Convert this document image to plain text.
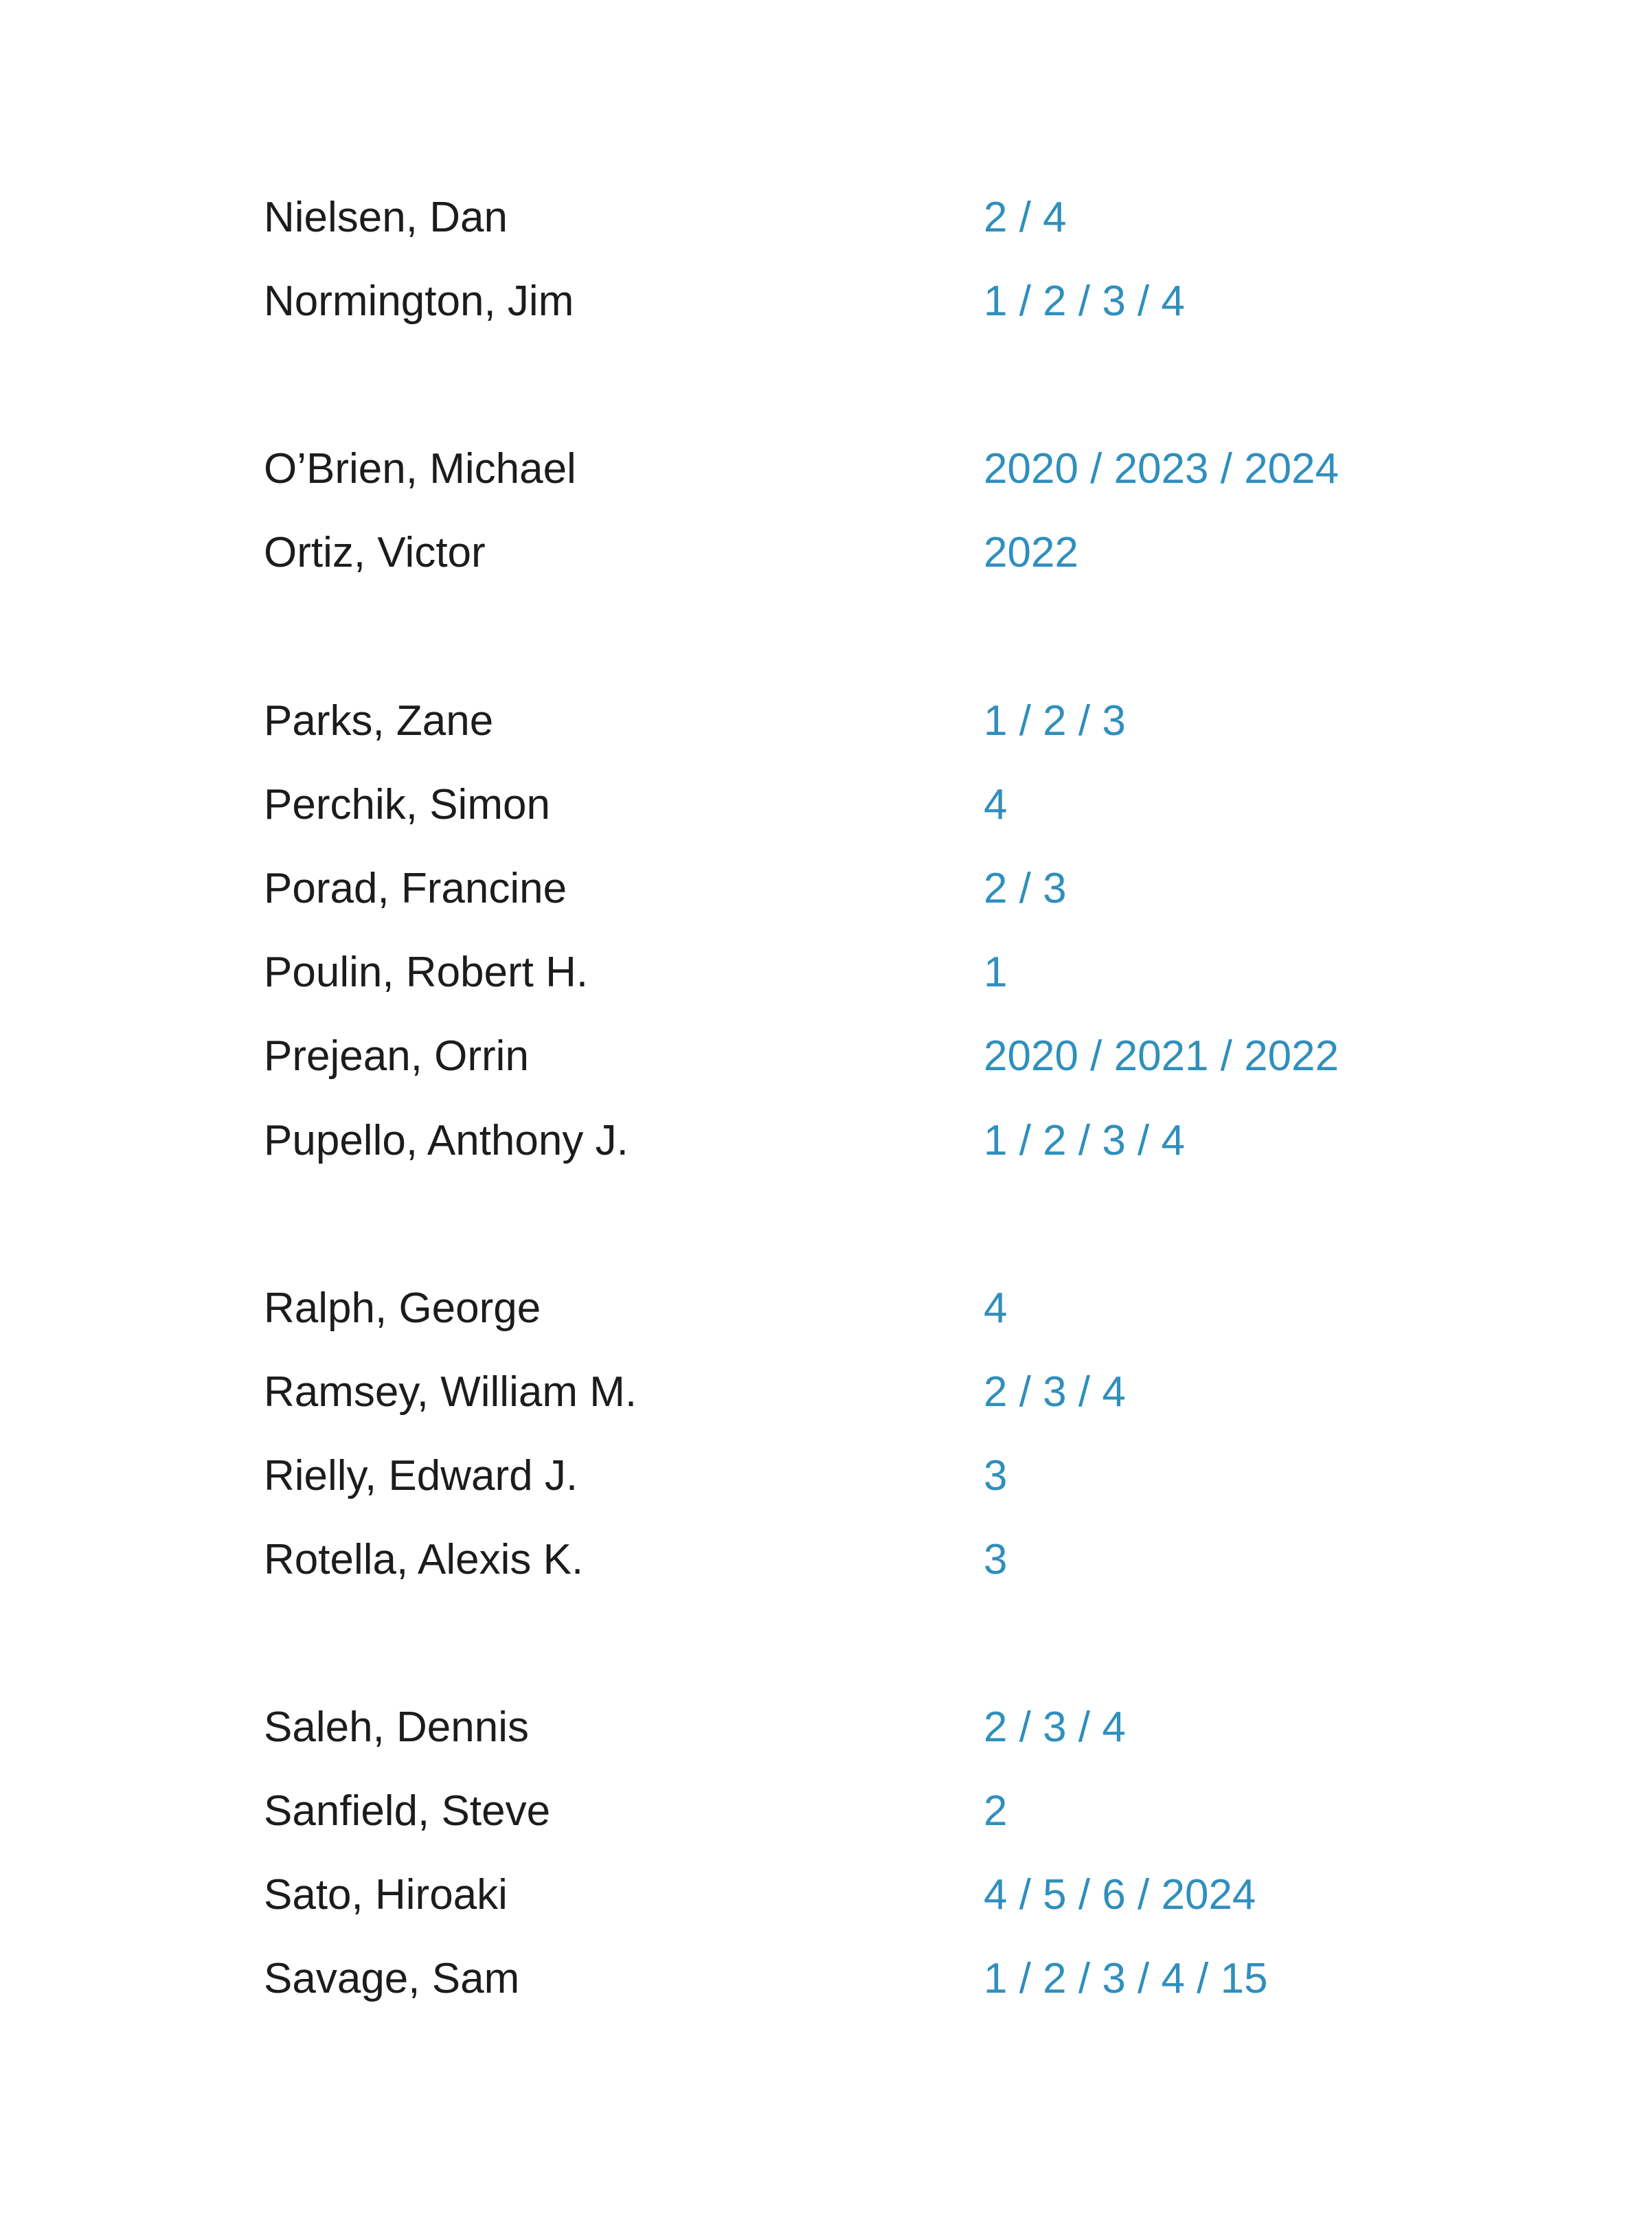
Nielsen, Dan	2 / 4
Normington, Jim	1 / 2 / 3 / 4
O’Brien, Michael	2020 / 2023 / 2024
Ortiz, Victor	2022
Parks, Zane	1 / 2 / 3
Perchik, Simon	4
Porad, Francine	2 / 3
Poulin, Robert H.	1
Prejean, Orrin	2020 / 2021 / 2022
Pupello, Anthony J.	1 / 2 / 3 / 4
Ralph, George	4
Ramsey, William M.	2 / 3 / 4
Rielly, Edward J.	3
Rotella, Alexis K.	3
Saleh, Dennis	2 / 3 / 4
Sanfield, Steve	2
Sato, Hiroaki	4 / 5 / 6 / 2024
Savage, Sam	1 / 2 / 3 / 4 / 15
